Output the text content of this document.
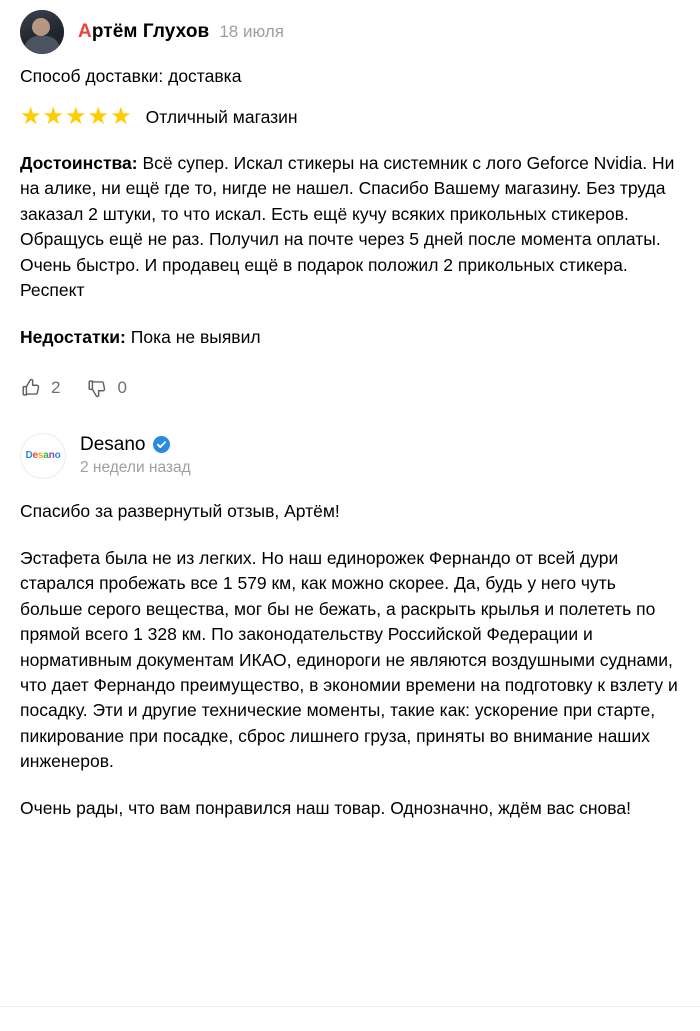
Артём Глухов 18 июля
Способ доставки: доставка
★ ★ ★ ★ ★ Отличный магазин
Достоинства: Всё супер. Искал стикеры на системник с лого Geforce Nvidia. Ни на алике, ни ещё где то, нигде не нашел. Спасибо Вашему магазину. Без труда заказал 2 штуки, то что искал. Есть ещё кучу всяких прикольных стикеров. Обращусь ещё не раз. Получил на почте через 5 дней после момента оплаты. Очень быстро. И продавец ещё в подарок положил 2 прикольных стикера. Респект
Недостатки: Пока не выявил
2	0
Desano
Desano
2 недели назад

Спасибо за развернутый отзыв, Артём!

Эстафета была не из легких. Но наш единорожек Фернандо от всей дури старался пробежать все 1 579 км, как можно скорее. Да, будь у него чуть больше серого вещества, мог бы не бежать, а раскрыть крылья и полететь по прямой всего 1 328 км. По законодательству Российской Федерации и нормативным документам ИКАО, единороги не являются воздушными суднами, что дает Фернандо преимущество, в экономии времени на подготовку к взлету и посадку. Эти и другие технические моменты, такие как: ускорение при старте, пикирование при посадке, сброс лишнего груза, приняты во внимание наших инженеров.

Очень рады, что вам понравился наш товар. Однозначно, ждём вас снова!
